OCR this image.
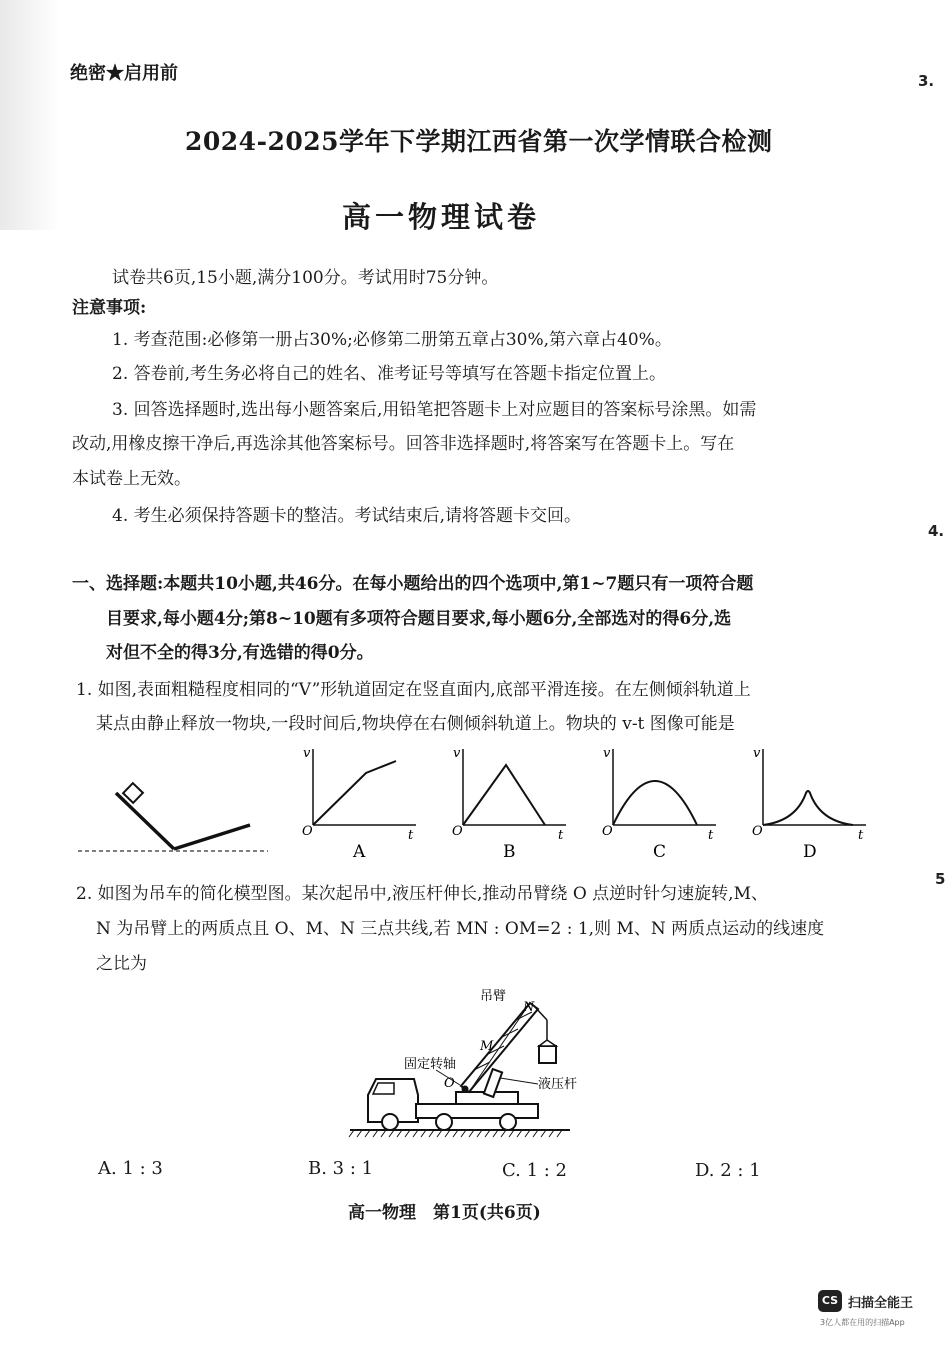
绝密★启用前
2024-2025学年下学期江西省第一次学情联合检测
高一物理试卷
试卷共6页,15小题,满分100分。考试用时75分钟。
注意事项:
1. 考查范围:必修第一册占30%;必修第二册第五章占30%,第六章占40%。
2. 答卷前,考生务必将自己的姓名、准考证号等填写在答题卡指定位置上。
3. 回答选择题时,选出每小题答案后,用铅笔把答题卡上对应题目的答案标号涂黑。如需
改动,用橡皮擦干净后,再选涂其他答案标号。回答非选择题时,将答案写在答题卡上。写在
本试卷上无效。
4. 考生必须保持答题卡的整洁。考试结束后,请将答题卡交回。
一、选择题:本题共10小题,共46分。在每小题给出的四个选项中,第1~7题只有一项符合题
目要求,每小题4分;第8~10题有多项符合题目要求,每小题6分,全部选对的得6分,选
对但不全的得3分,有选错的得0分。
1. 如图,表面粗糙程度相同的“V”形轨道固定在竖直面内,底部平滑连接。在左侧倾斜轨道上
某点由静止释放一物块,一段时间后,物块停在右侧倾斜轨道上。物块的 v-t 图像可能是
v
t
O
A
v
t
O
B
v
t
O
C
v
t
O
D
2. 如图为吊车的简化模型图。某次起吊中,液压杆伸长,推动吊臂绕 O 点逆时针匀速旋转,M、
N 为吊臂上的两质点且 O、M、N 三点共线,若 MN : OM=2 : 1,则 M、N 两质点运动的线速度
之比为
吊臂
N
M
固定转轴
O	液压杆
A. 1 : 3	B. 3 : 1	C. 1 : 2	D. 2 : 1
高一物理　第1页(共6页)
3.
4.
5
CS 扫描全能王
3亿人都在用的扫描App
